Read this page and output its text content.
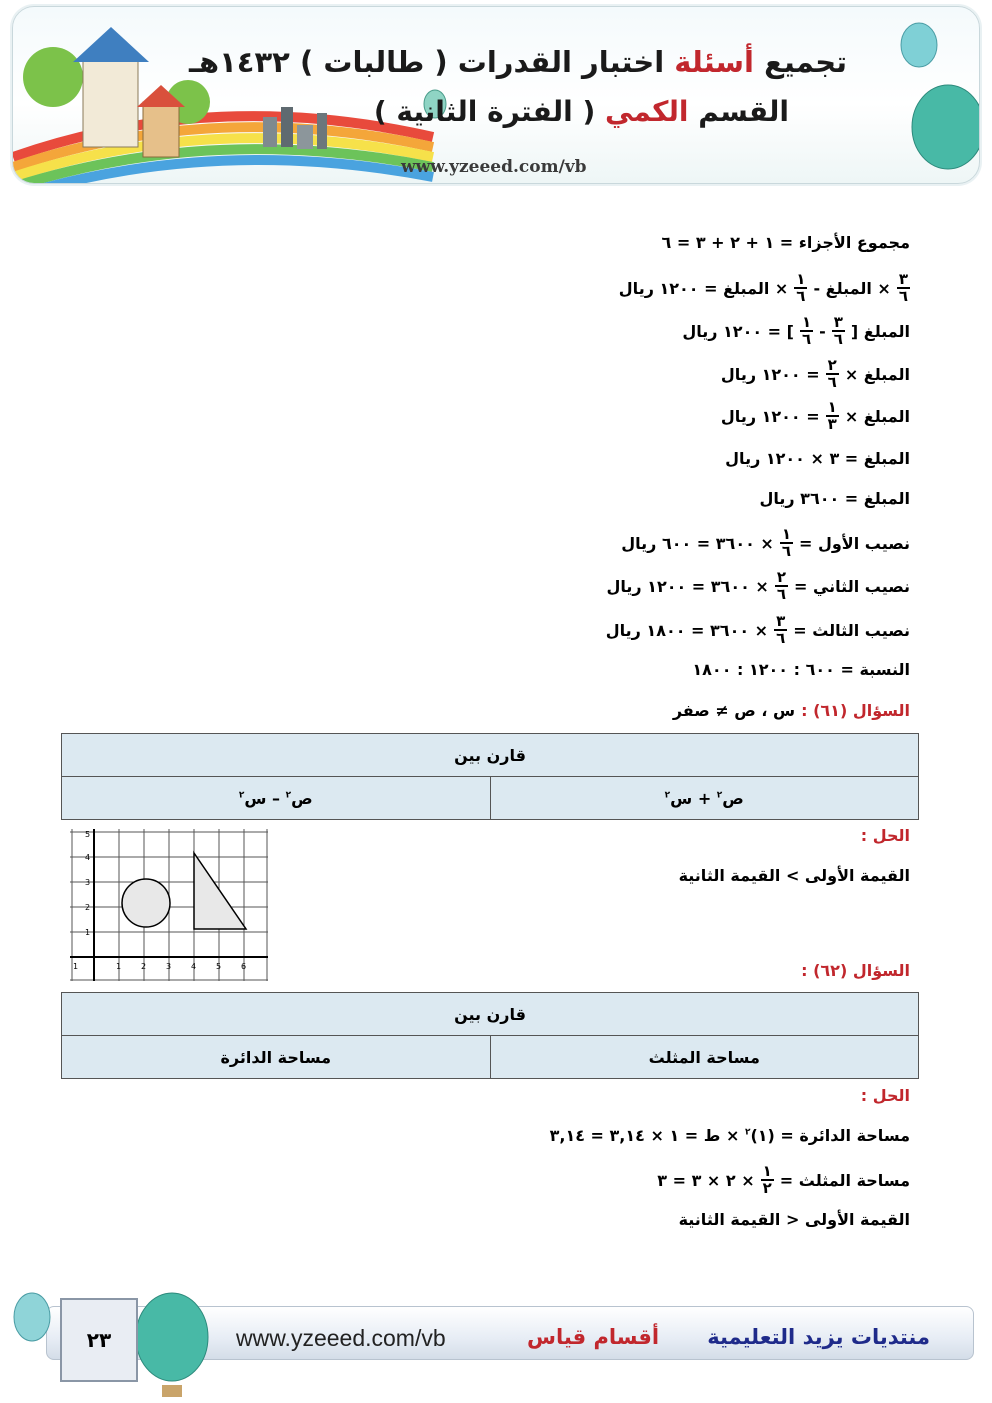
تجميع أسئلة اختبار القدرات ( طالبات ) ١٤٣٢هـ
القسم الكمي ( الفترة الثانية )
www.yzeeed.com/vb
مجموع الأجزاء = ١ + ٢ + ٣ = ٦
$\frac{٣}{٦}$
× المبلغ -
$\frac{١}{٦}$
× المبلغ = ١٢٠٠ ريال
المبلغ [
$\frac{٣}{٦}$
-
$\frac{١}{٦}$
] = ١٢٠٠ ريال
المبلغ ×
$\frac{٢}{٦}$
= ١٢٠٠ ريال
المبلغ ×
$\frac{١}{٣}$
= ١٢٠٠ ريال
المبلغ = ٣ × ١٢٠٠ ريال
المبلغ = ٣٦٠٠ ريال
نصيب الأول =
$\frac{١}{٦}$
× ٣٦٠٠ = ٦٠٠ ريال
نصيب الثاني =
$\frac{٢}{٦}$
× ٣٦٠٠ = ١٢٠٠ ريال
نصيب الثالث =
$\frac{٣}{٦}$
× ٣٦٠٠ = ١٨٠٠ ريال
النسبة = ٦٠٠ : ١٢٠٠ : ١٨٠٠
السؤال (٦١) :
س ، ص ≠ صفر
قارن بين
ص$^٢$ + س$^٢$	ص$^٢$ – س$^٢$
الحل :
القيمة الأولى > القيمة الثانية
1 2 3 4 5 6
1
2
3
4
5
1	السؤال (٦٢) :
قارن بين
مساحة المثلث	مساحة الدائرة
الحل :
مساحة الدائرة = (١)$^٢$ × ط = ١ × ٣,١٤ = ٣,١٤
مساحة المثلث =
$\frac{١}{٢}$
× ٢ × ٣ = ٣
القيمة الأولى < القيمة الثانية
٢٣	www.yzeeed.com/vb	أقسام قياس منتديات يزيد التعليمية
